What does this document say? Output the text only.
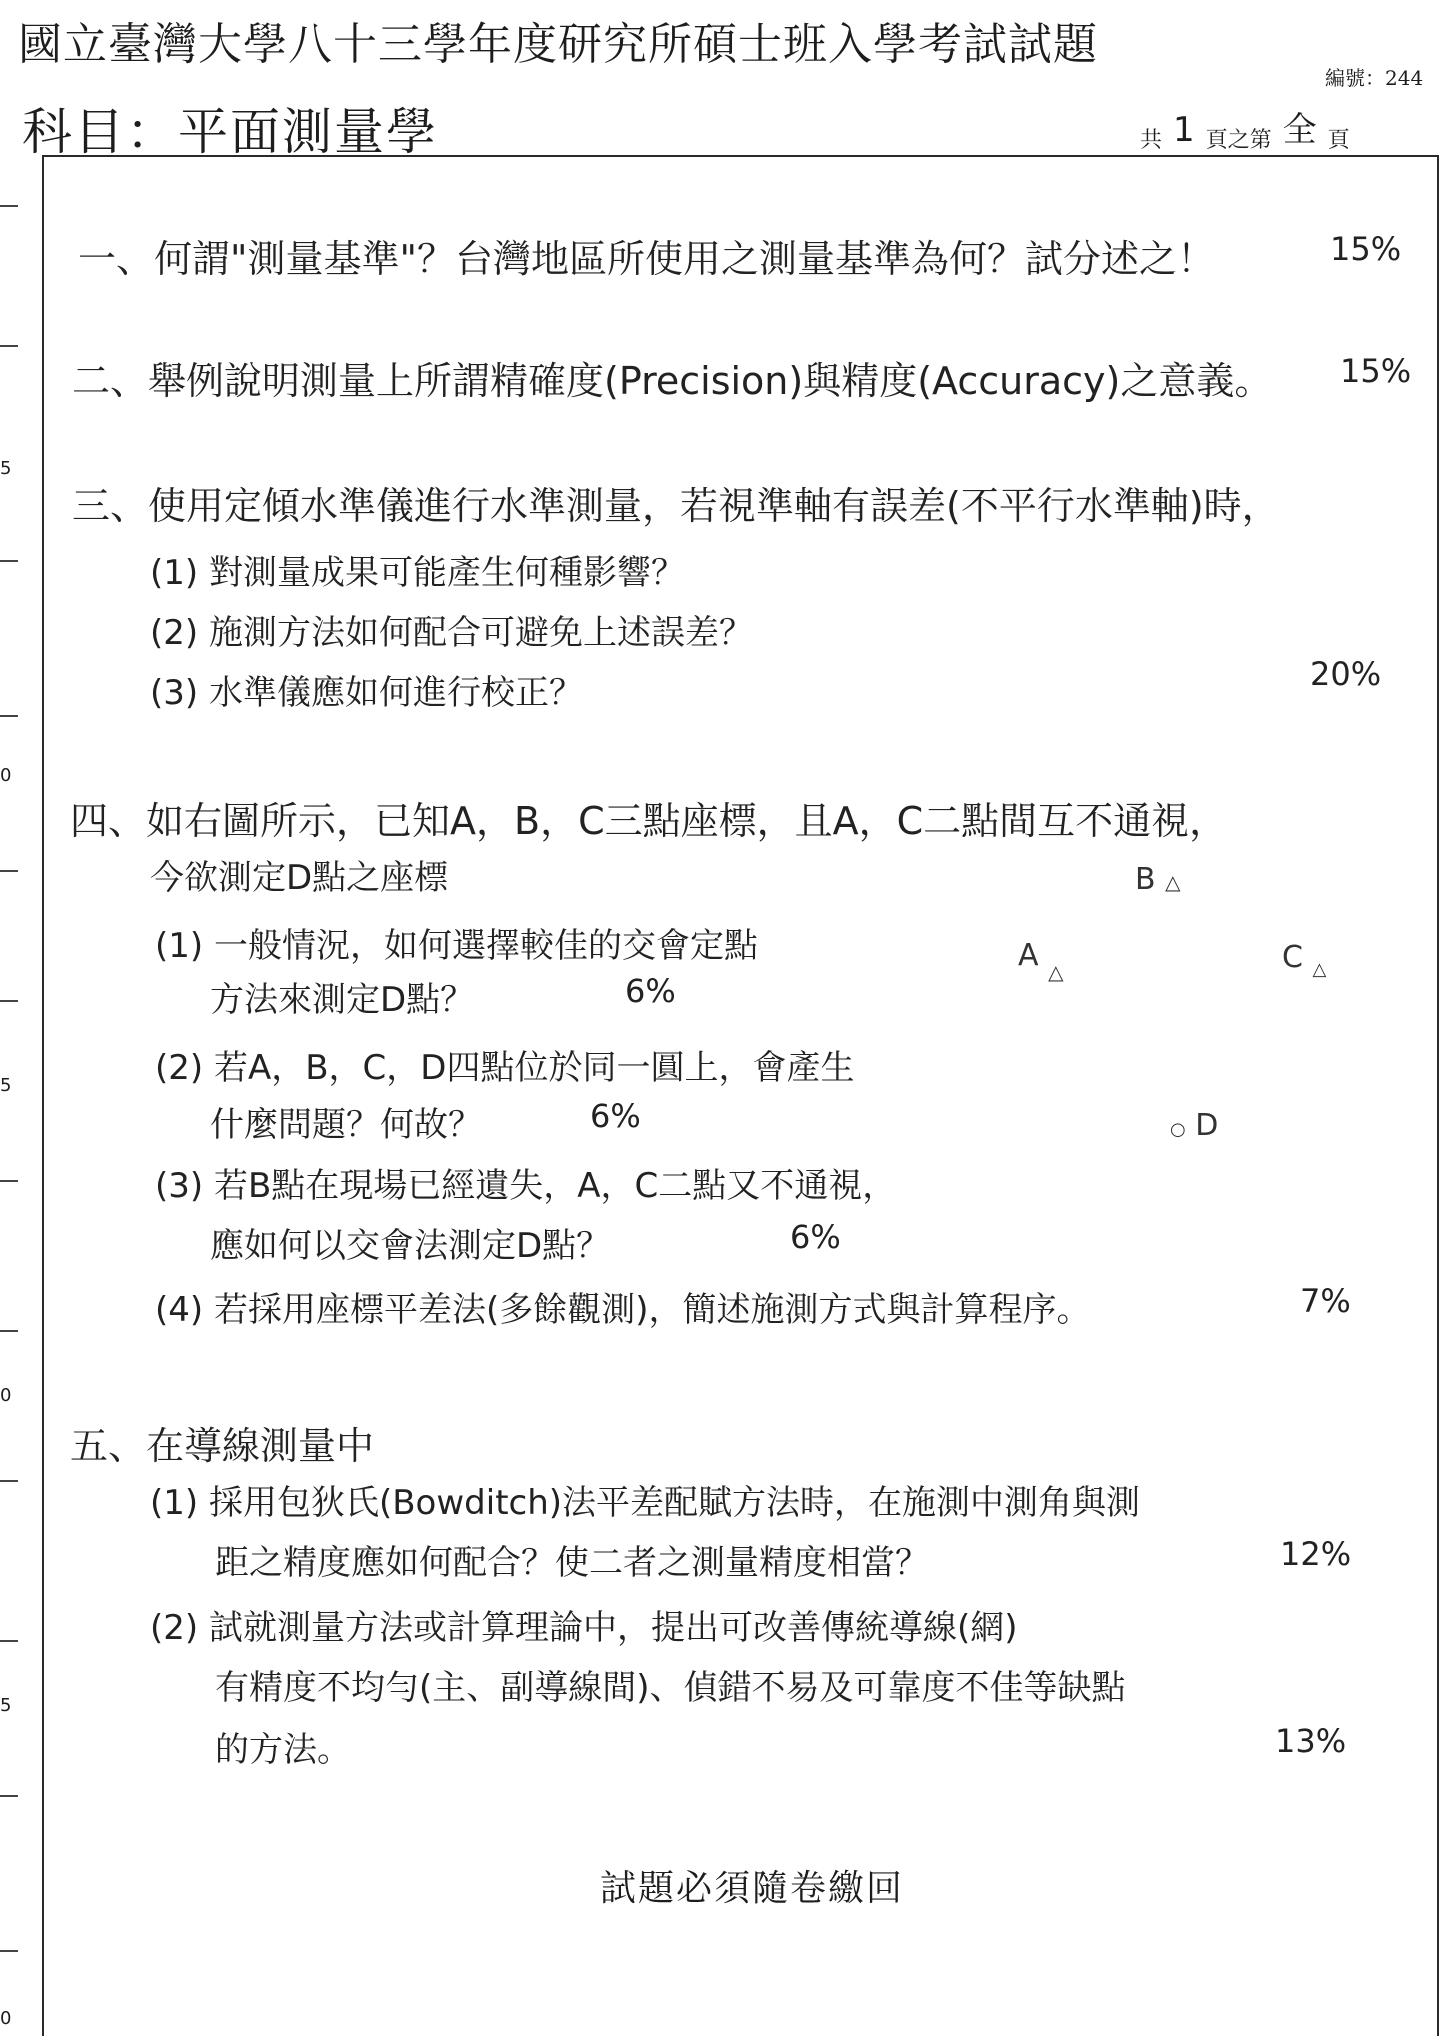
國立臺灣大學八十三學年度研究所碩士班入學考試試題
編號：244
科目：平面測量學	共 1 頁之第 全 頁
5
0
5
0
5
0
一、何謂"測量基準"？台灣地區所使用之測量基準為何？試分述之！	15%
二、舉例說明測量上所謂精確度(Precision)與精度(Accuracy)之意義。 15%
三、使用定傾水準儀進行水準測量，若視準軸有誤差(不平行水準軸)時，
(1) 對測量成果可能產生何種影響？
(2) 施測方法如何配合可避免上述誤差？
(3) 水準儀應如何進行校正？	20%
四、如右圖所示，已知A，B，C三點座標，且A，C二點間互不通視，
今欲測定D點之座標
(1) 一般情況，如何選擇較佳的交會定點
方法來測定D點？	6%
(2) 若A，B，C，D四點位於同一圓上，會產生
什麼問題？何故？	6%
(3) 若B點在現場已經遺失，A，C二點又不通視，
應如何以交會法測定D點？	6%
(4) 若採用座標平差法(多餘觀測)，簡述施測方式與計算程序。	7%
B △
A $_\triangle$	C $_\triangle$
○ D
五、在導線測量中
(1) 採用包狄氏(Bowditch)法平差配賦方法時，在施測中測角與測
距之精度應如何配合？使二者之測量精度相當？	12%
(2) 試就測量方法或計算理論中，提出可改善傳統導線(網)
有精度不均勻(主、副導線間)、偵錯不易及可靠度不佳等缺點
的方法。	13%
試題必須隨卷繳回
